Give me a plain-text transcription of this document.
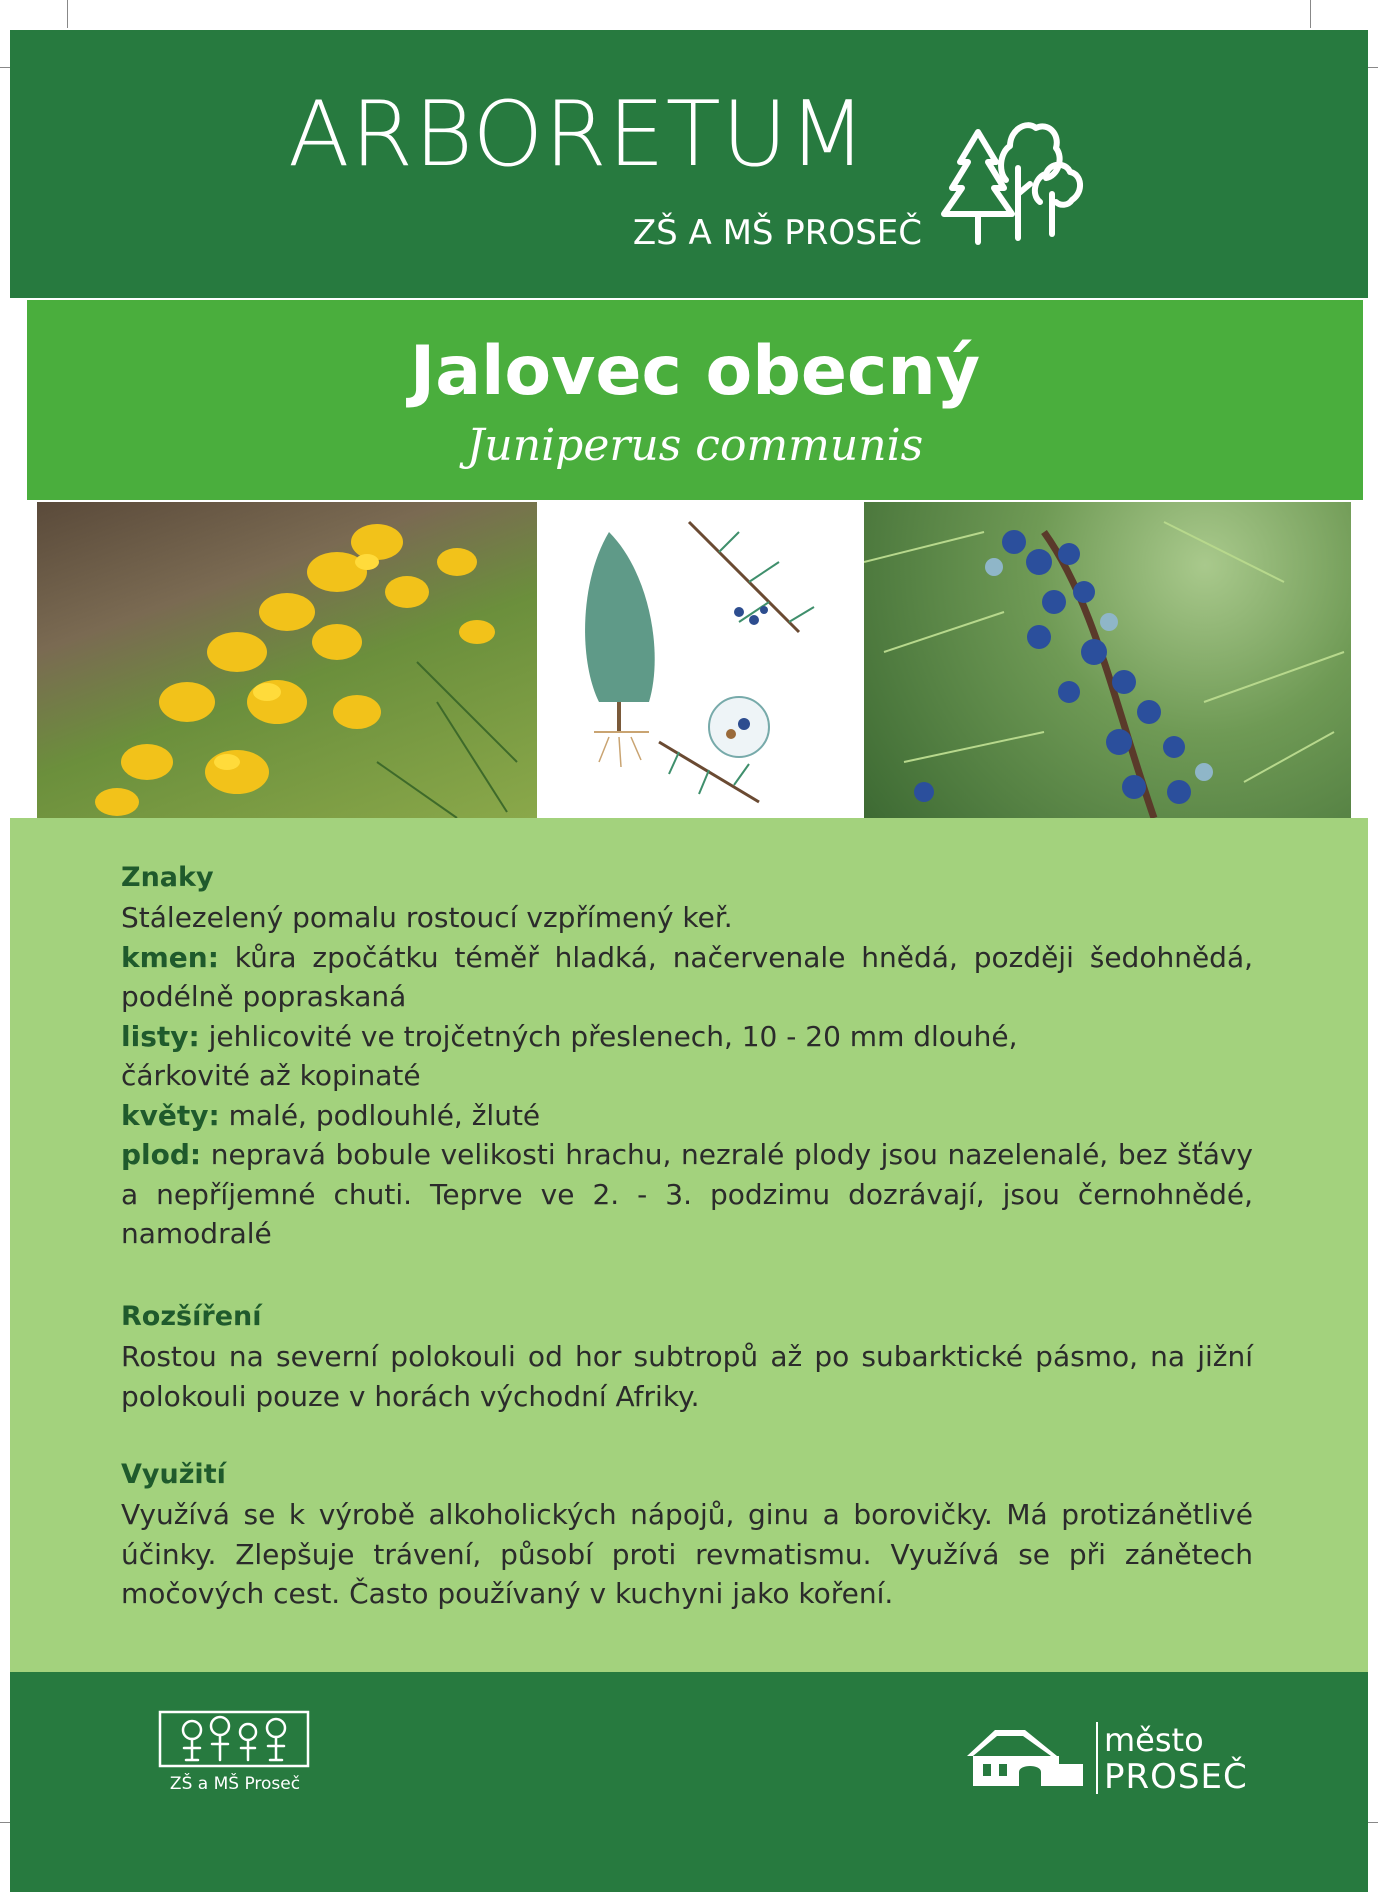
ARBORETUM
ZŠ A MŠ PROSEČ
Jalovec obecný
Juniperus communis
Znaky

Stálezelený pomalu rostoucí vzpřímený keř.

kmen: kůra zpočátku téměř hladká, načervenale hnědá, později šedohnědá, podélně popraskaná

listy: jehlicovité ve trojčetných přeslenech, 10 - 20 mm dlouhé, čárkovité až kopinaté

květy: malé, podlouhlé, žluté

plod: nepravá bobule velikosti hrachu, nezralé plody jsou nazelenalé, bez šťávy a nepříjemné chuti. Teprve ve 2. - 3. podzimu dozrávají, jsou černohnědé, namodralé

Rozšíření

Rostou na severní polokouli od hor subtropů až po subarktické pásmo, na jižní polokouli pouze v horách východní Afriky.

Využití

Využívá se k výrobě alkoholických nápojů, ginu a borovičky. Má protizánětlivé účinky. Zlepšuje trávení, působí proti revmatismu. Využívá se při zánětech močových cest. Často používaný v kuchyni jako koření.

ZŠ a MŠ Proseč
město
PROSEČ
